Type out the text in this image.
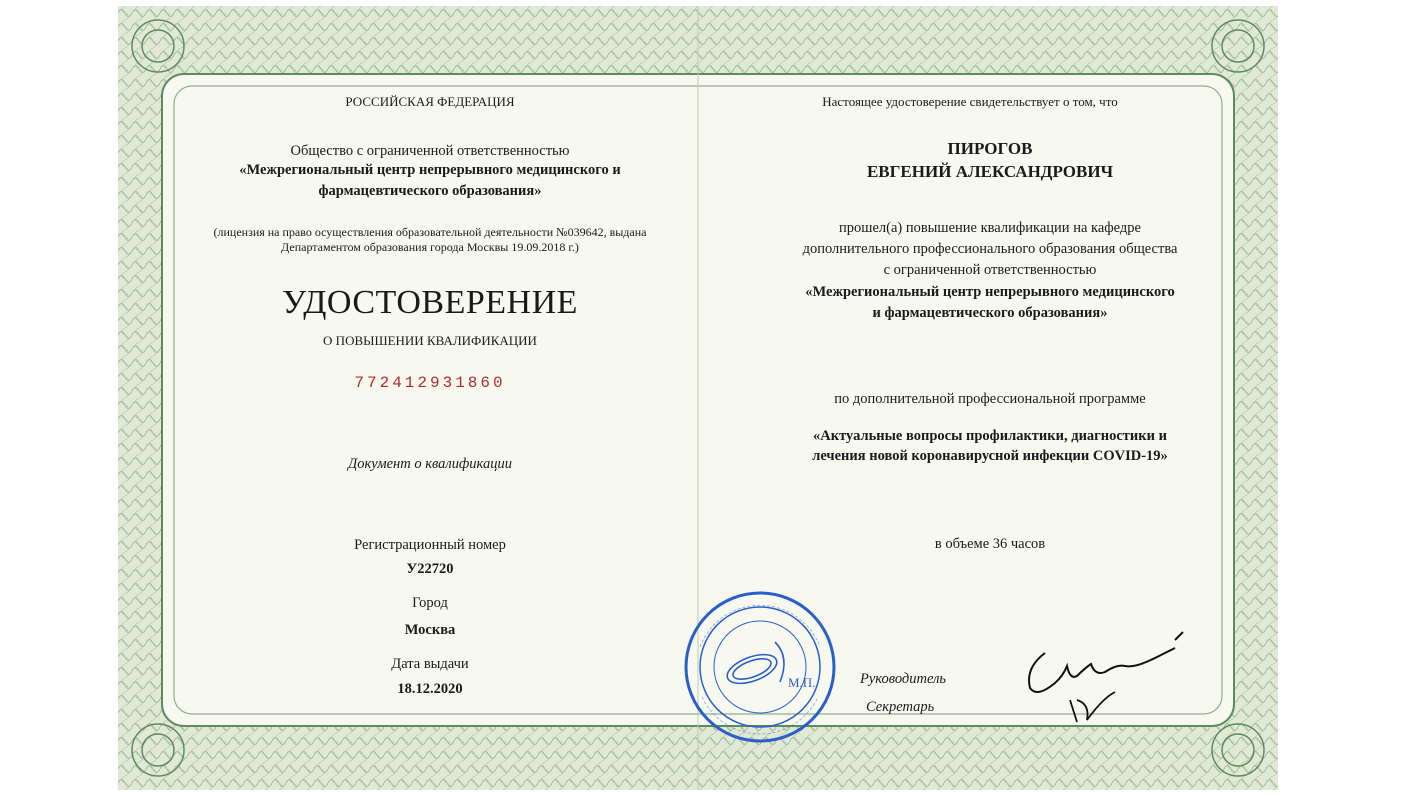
РОССИЙСКАЯ ФЕДЕРАЦИЯ
Общество с ограниченной ответственностью
«Межрегиональный центр непрерывного медицинского и
фармацевтического образования»
(лицензия на право осуществления образовательной деятельности №039642, выдана
Департаментом образования города Москвы 19.09.2018 г.)
УДОСТОВЕРЕНИЕ
О ПОВЫШЕНИИ КВАЛИФИКАЦИИ
772412931860
Документ о квалификации
Регистрационный номер
У22720
Город
Москва
Дата выдачи
18.12.2020
Настоящее удостоверение свидетельствует о том, что
ПИРОГОВ
ЕВГЕНИЙ АЛЕКСАНДРОВИЧ
прошел(а) повышение квалификации на кафедре
дополнительного профессионального образования общества
с ограниченной ответственностью
«Межрегиональный центр непрерывного медицинского
и фармацевтического образования»
по дополнительной профессиональной программе
«Актуальные вопросы профилактики, диагностики и
лечения новой коронавирусной инфекции COVID-19»
в объеме 36 часов
Руководитель
Секретарь
М.П.
